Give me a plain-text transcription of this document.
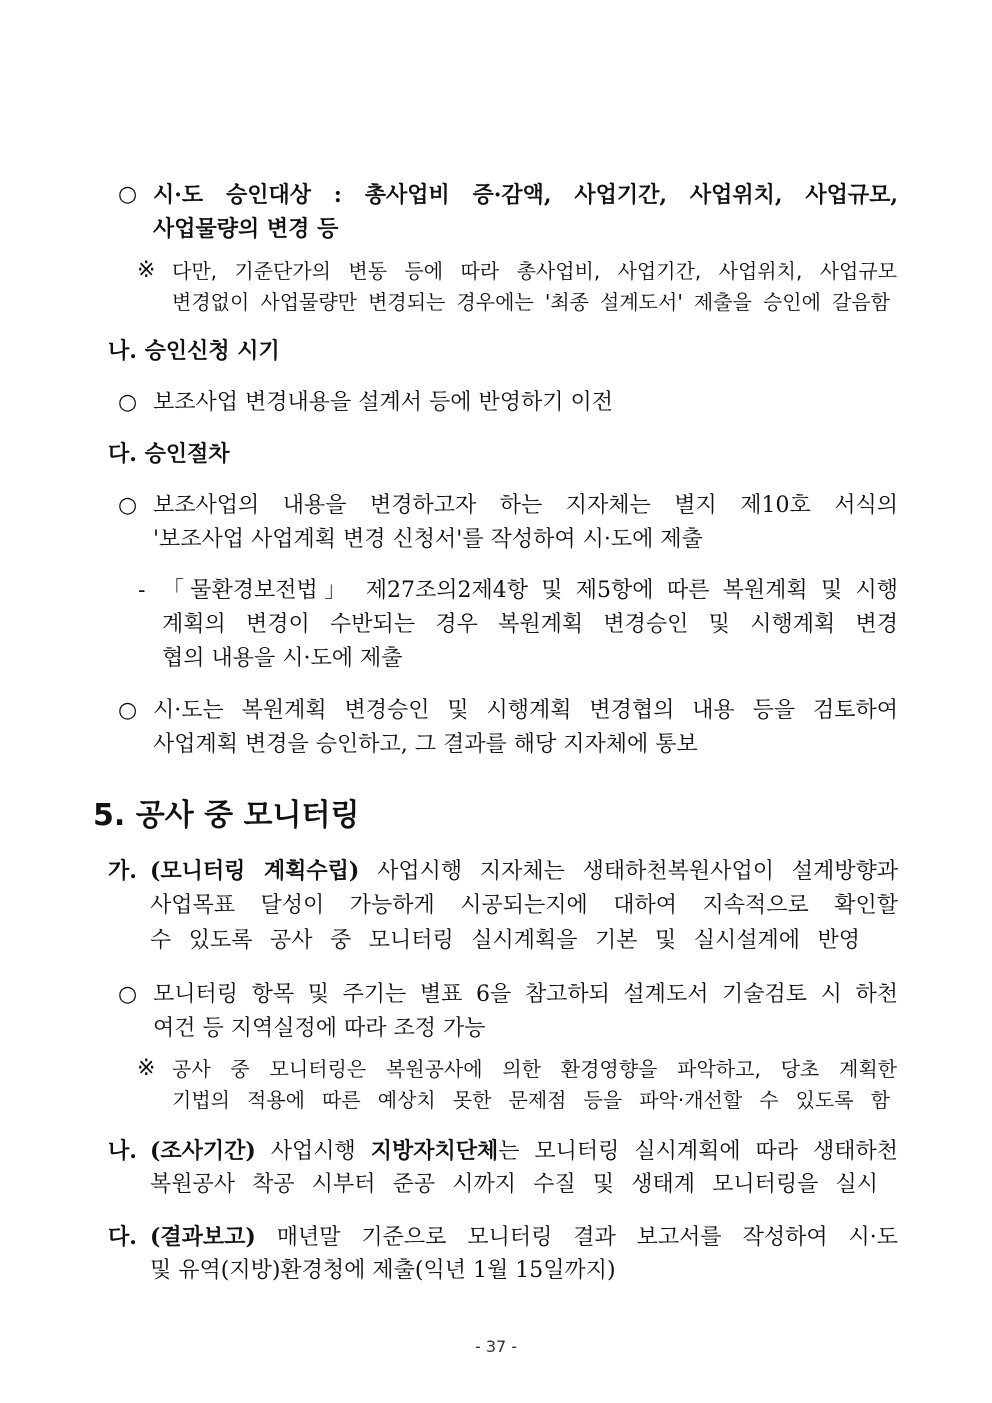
○ 시·도 승인대상 : 총사업비 증·감액, 사업기간, 사업위치, 사업규모,
사업물량의 변경 등
※ 다만, 기준단가의 변동 등에 따라 총사업비, 사업기간, 사업위치, 사업규모
변경없이 사업물량만 변경되는 경우에는 '최종 설계도서' 제출을 승인에 갈음함
나. 승인신청 시기
○ 보조사업 변경내용을 설계서 등에 반영하기 이전
다. 승인절차
○ 보조사업의 내용을 변경하고자 하는 지자체는 별지 제10호 서식의
'보조사업 사업계획 변경 신청서'를 작성하여 시·도에 제출
- 「물환경보전법」 제27조의2제4항 및 제5항에 따른 복원계획 및 시행
계획의 변경이 수반되는 경우 복원계획 변경승인 및 시행계획 변경
협의 내용을 시·도에 제출
○ 시·도는 복원계획 변경승인 및 시행계획 변경협의 내용 등을 검토하여
사업계획 변경을 승인하고, 그 결과를 해당 지자체에 통보
5. 공사 중 모니터링
가. (모니터링 계획수립) 사업시행 지자체는 생태하천복원사업이 설계방향과
사업목표 달성이 가능하게 시공되는지에 대하여 지속적으로 확인할
수 있도록 공사 중 모니터링 실시계획을 기본 및 실시설계에 반영
○ 모니터링 항목 및 주기는 별표 6을 참고하되 설계도서 기술검토 시 하천
여건 등 지역실정에 따라 조정 가능
※ 공사 중 모니터링은 복원공사에 의한 환경영향을 파악하고, 당초 계획한
기법의 적용에 따른 예상치 못한 문제점 등을 파악·개선할 수 있도록 함
나. (조사기간) 사업시행 지방자치단체는 모니터링 실시계획에 따라 생태하천
복원공사 착공 시부터 준공 시까지 수질 및 생태계 모니터링을 실시
다. (결과보고) 매년말 기준으로 모니터링 결과 보고서를 작성하여 시·도
및 유역(지방)환경청에 제출(익년 1월 15일까지)
- 37 -
